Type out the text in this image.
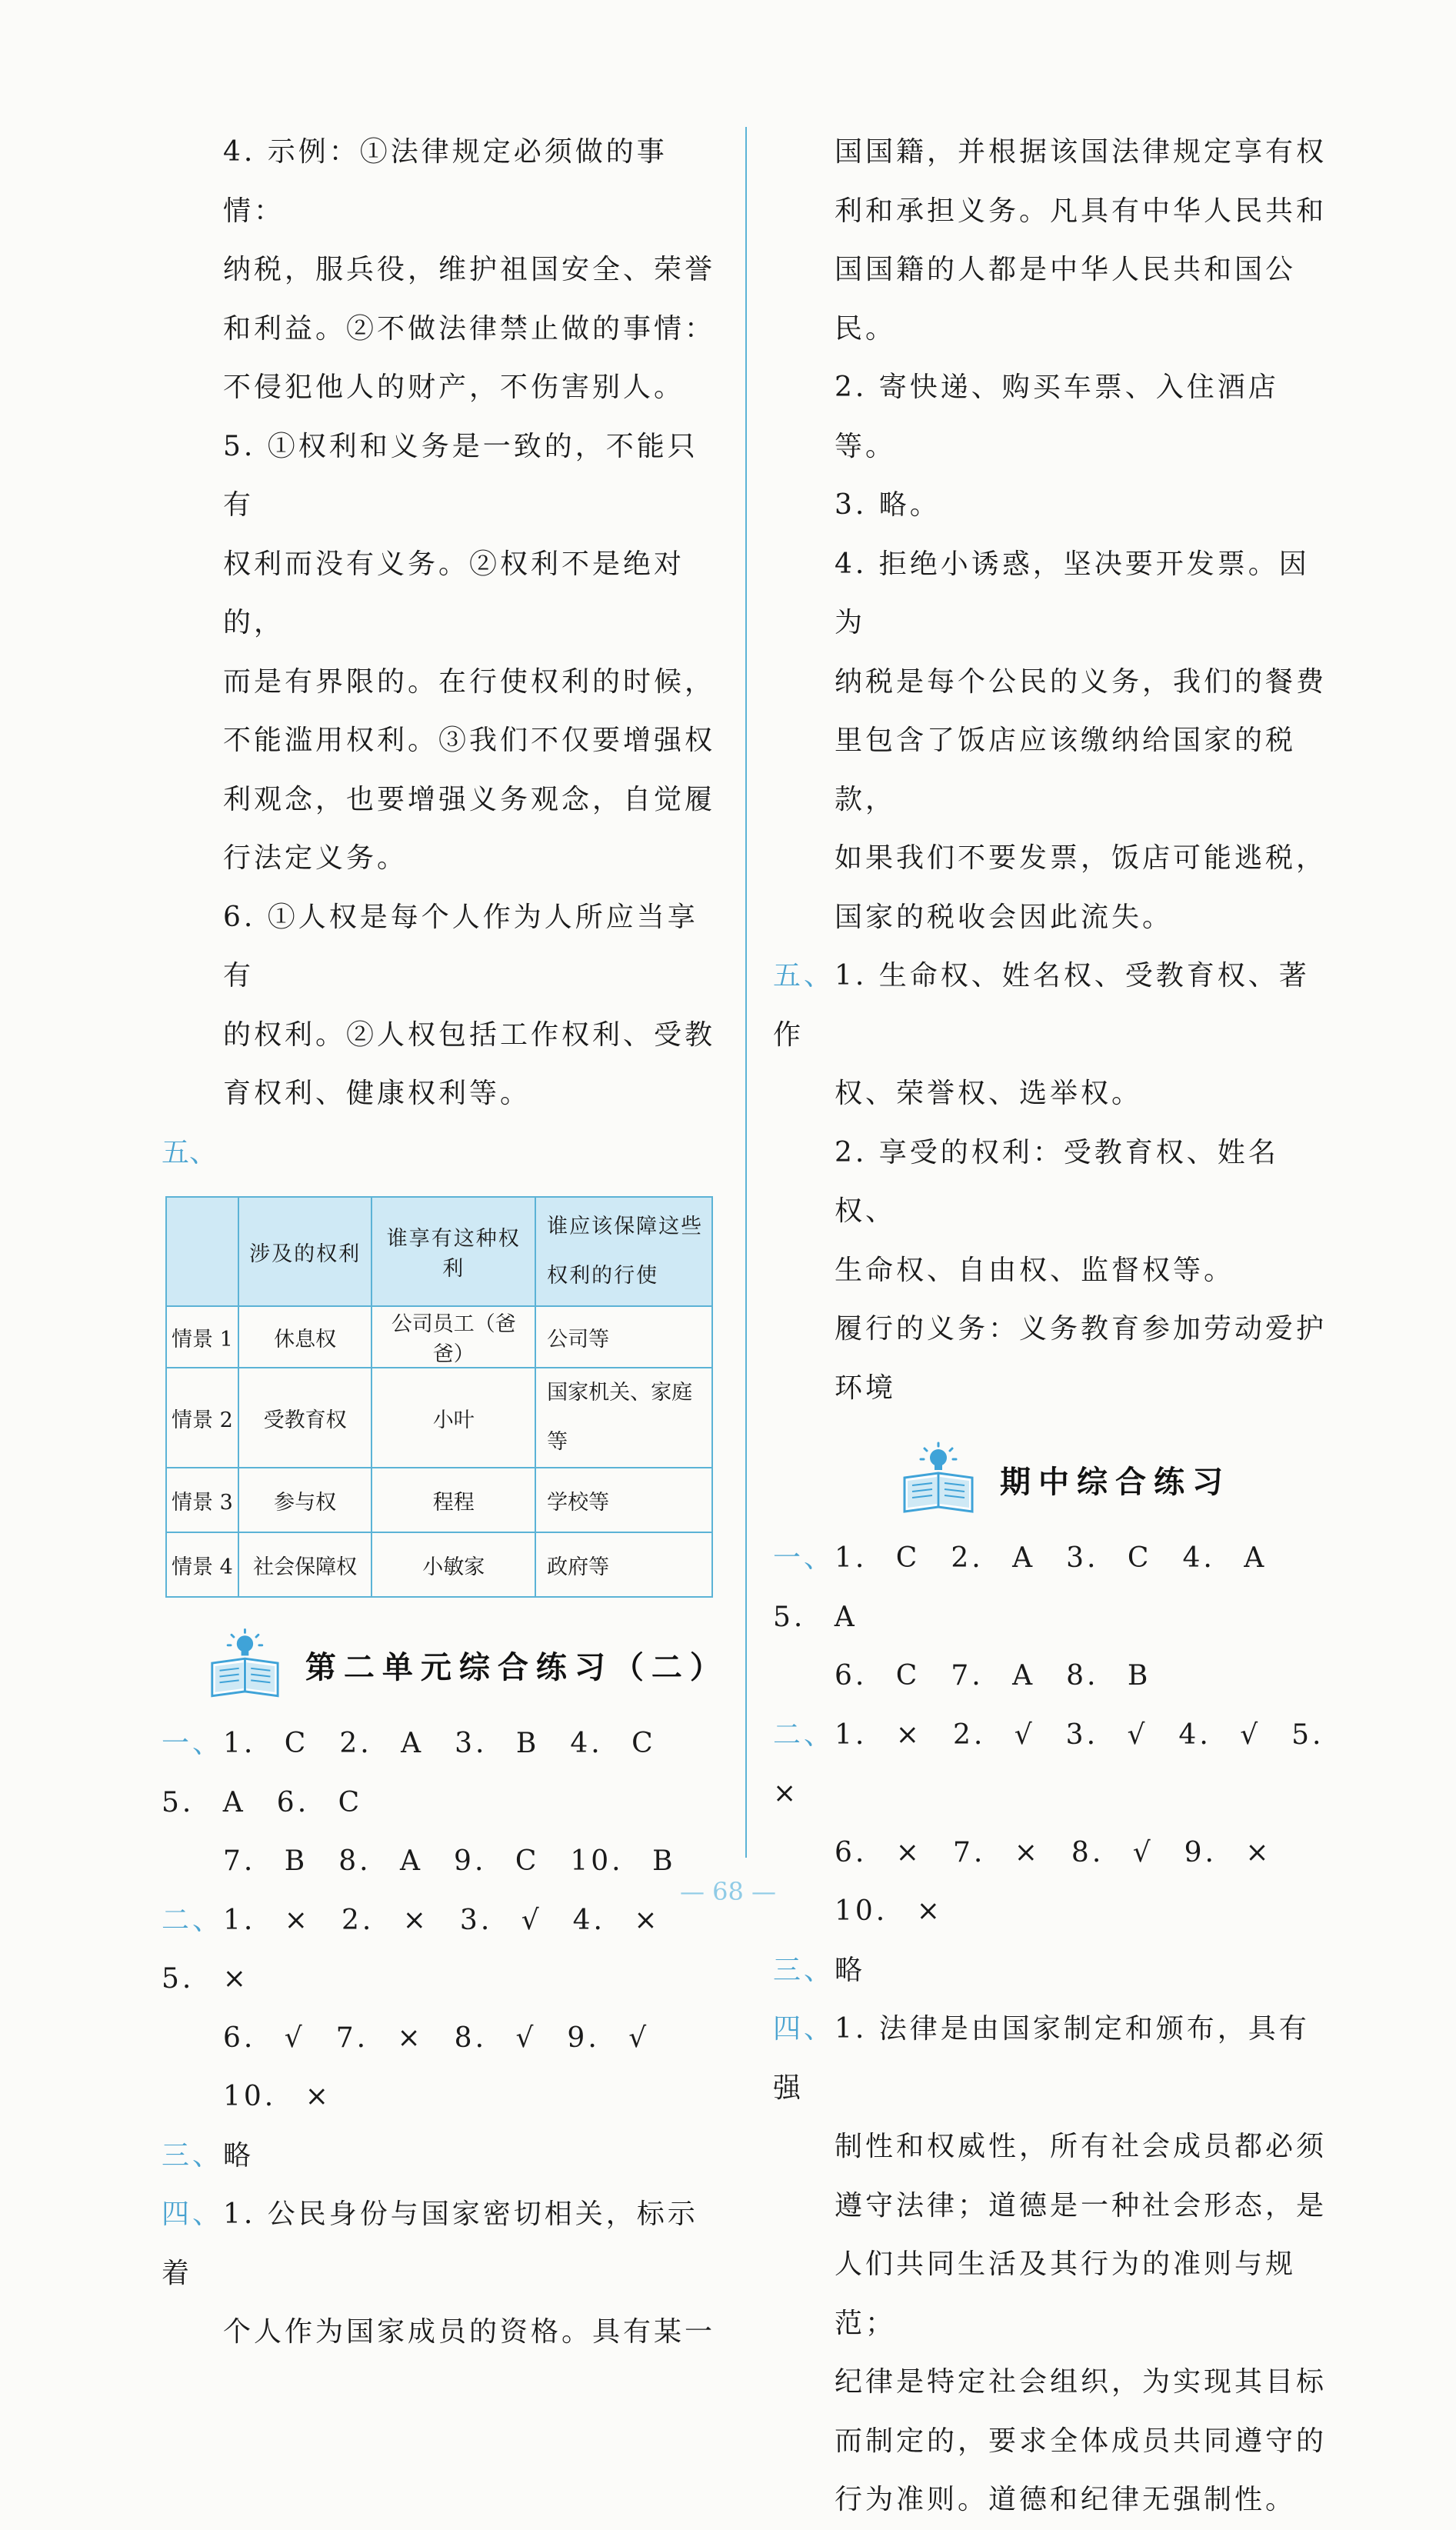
4. 示例：①法律规定必须做的事情：

纳税，服兵役，维护祖国安全、荣誉

和利益。②不做法律禁止做的事情：

不侵犯他人的财产，不伤害别人。

5. ①权利和义务是一致的，不能只有

权利而没有义务。②权利不是绝对的，

而是有界限的。在行使权利的时候，

不能滥用权利。③我们不仅要增强权

利观念，也要增强义务观念，自觉履

行法定义务。

6. ①人权是每个人作为人所应当享有

的权利。②人权包括工作权利、受教

育权利、健康权利等。

五、

	涉及的权利	谁享有这种权利	谁应该保障这些权利的行使
情景 1	休息权	公司员工（爸爸）	公司等
情景 2	受教育权	小叶	国家机关、家庭等
情景 3	参与权	程程	学校等
情景 4	社会保障权	小敏家	政府等
第二单元综合练习（二）

一、1. C　2. A　3. B　4. C　5. A　6. C

7. B　8. A　9. C　10. B

二、1. ×　2. ×　3. √　4. ×　5. ×

6. √　7. ×　8. √　9. √　10. ×

三、略

四、1. 公民身份与国家密切相关，标示着

个人作为国家成员的资格。具有某一

国国籍，并根据该国法律规定享有权

利和承担义务。凡具有中华人民共和

国国籍的人都是中华人民共和国公民。

2. 寄快递、购买车票、入住酒店等。

3. 略。

4. 拒绝小诱惑，坚决要开发票。因为

纳税是每个公民的义务，我们的餐费

里包含了饭店应该缴纳给国家的税款，

如果我们不要发票，饭店可能逃税，

国家的税收会因此流失。

五、1. 生命权、姓名权、受教育权、著作

权、荣誉权、选举权。

2. 享受的权利：受教育权、姓名权、

生命权、自由权、监督权等。

履行的义务：义务教育参加劳动爱护

环境

期中综合练习

一、1. C　2. A　3. C　4. A　5. A

6. C　7. A　8. B

二、1. ×　2. √　3. √　4. √　5. ×

6. ×　7. ×　8. √　9. ×　10. ×

三、略

四、1. 法律是由国家制定和颁布，具有强

制性和权威性，所有社会成员都必须

遵守法律；道德是一种社会形态，是

人们共同生活及其行为的准则与规范；

纪律是特定社会组织，为实现其目标

而制定的，要求全体成员共同遵守的

行为准则。道德和纪律无强制性。

— 68 —
